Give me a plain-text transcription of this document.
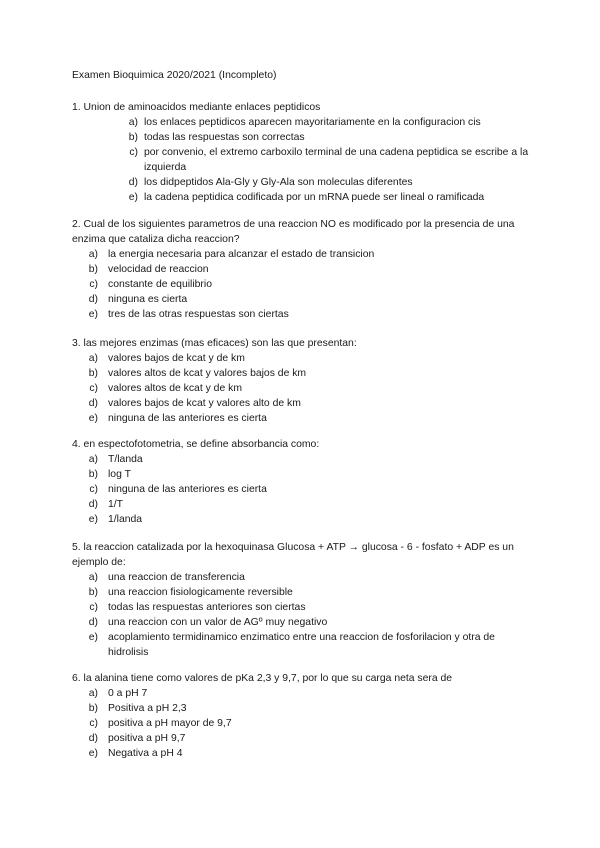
Examen Bioquimica 2020/2021 (Incompleto)
1. Union de aminoacidos mediante enlaces peptidicos
a) los enlaces peptidicos aparecen mayoritariamente en la configuracion cis
b) todas las respuestas son correctas
c) por convenio, el extremo carboxilo terminal de una cadena peptidica se escribe a la izquierda
d) los didpeptidos Ala-Gly y Gly-Ala son moleculas diferentes
e) la cadena peptidica codificada por un mRNA puede ser lineal o ramificada
2. Cual de los siguientes parametros de una reaccion NO es modificado por la presencia de una enzima que cataliza dicha reaccion?
a) la energia necesaria para alcanzar el estado de transicion
b) velocidad de reaccion
c) constante de equilibrio
d) ninguna es cierta
e) tres de las otras respuestas son ciertas
3. las mejores enzimas (mas eficaces) son las que presentan:
a) valores bajos de kcat y de km
b) valores altos de kcat y valores bajos de km
c) valores altos de kcat y de km
d) valores bajos de kcat y valores alto de km
e) ninguna de las anteriores es cierta
4. en espectofotometria, se define absorbancia como:
a) T/landa
b) log T
c) ninguna de las anteriores es cierta
d) 1/T
e) 1/landa
5. la reaccion catalizada por la hexoquinasa Glucosa + ATP → glucosa - 6 - fosfato + ADP es un ejemplo de:
a) una reaccion de transferencia
b) una reaccion fisiologicamente reversible
c) todas las respuestas anteriores son ciertas
d) una reaccion con un valor de AGº muy negativo
e) acoplamiento termidinamico enzimatico entre una reaccion de fosforilacion y otra de hidrolisis
6. la alanina tiene como valores de pKa 2,3 y 9,7, por lo que su carga neta sera de
a) 0 a pH 7
b) Positiva a pH 2,3
c) positiva a pH mayor de 9,7
d) positiva a pH 9,7
e) Negativa a pH 4
